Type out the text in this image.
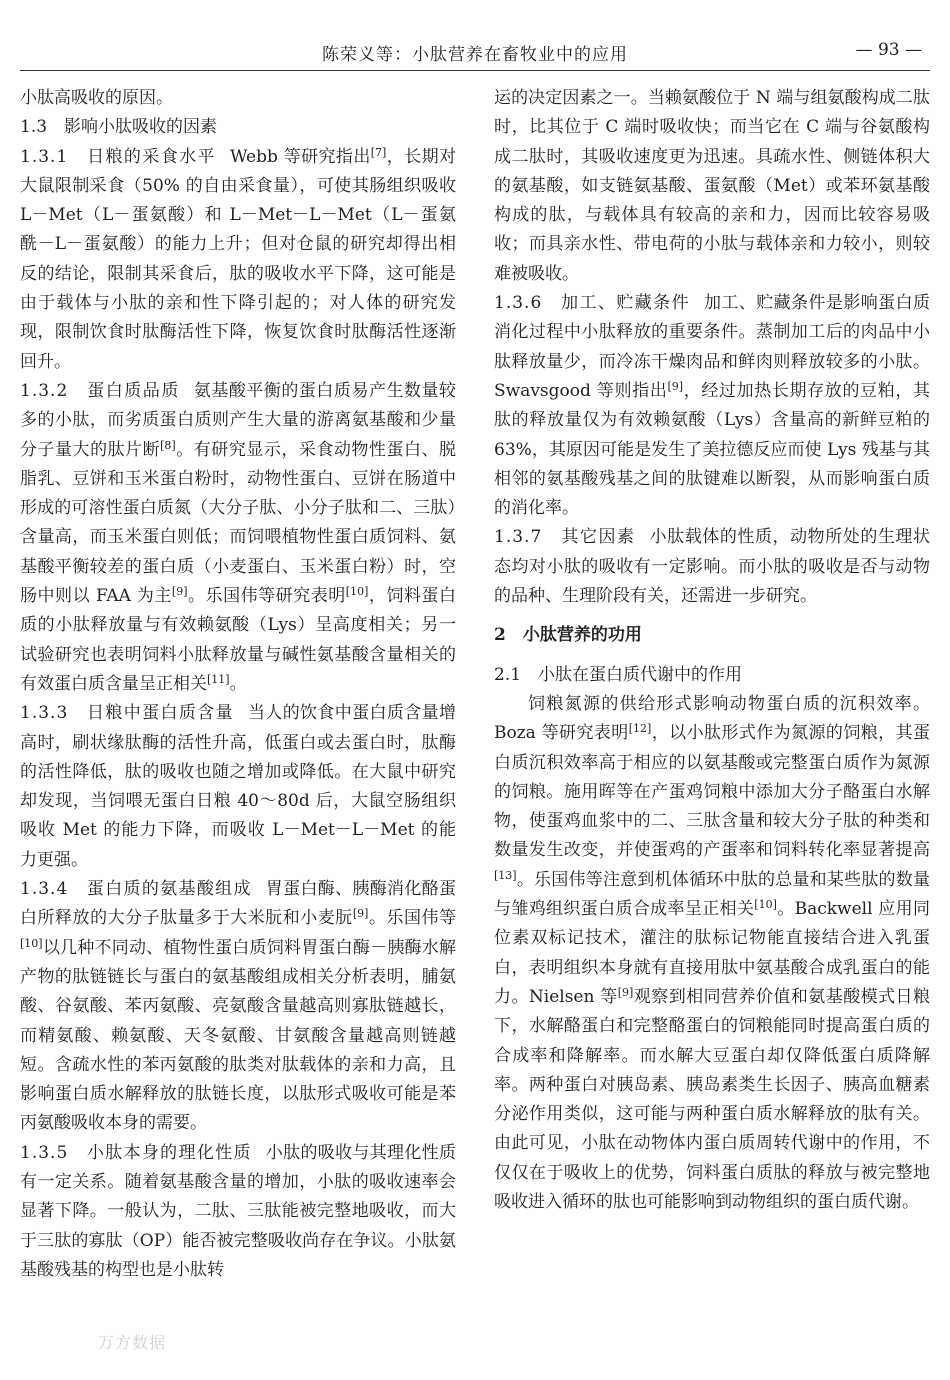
陈荣义等：小肽营养在畜牧业中的应用	— 93 —

小肽高吸收的原因。

1.3　影响小肽吸收的因素

1.3.1　日粮的采食水平 Webb 等研究指出[7]，长期对大鼠限制采食（50% 的自由采食量），可使其肠组织吸收 L－Met（L－蛋氨酸）和 L－Met－L－Met（L－蛋氨酰－L－蛋氨酸）的能力上升；但对仓鼠的研究却得出相反的结论，限制其采食后，肽的吸收水平下降，这可能是由于载体与小肽的亲和性下降引起的；对人体的研究发现，限制饮食时肽酶活性下降，恢复饮食时肽酶活性逐渐回升。

1.3.2　蛋白质品质 氨基酸平衡的蛋白质易产生数量较多的小肽，而劣质蛋白质则产生大量的游离氨基酸和少量分子量大的肽片断[8]。有研究显示，采食动物性蛋白、脱脂乳、豆饼和玉米蛋白粉时，动物性蛋白、豆饼在肠道中形成的可溶性蛋白质氮（大分子肽、小分子肽和二、三肽）含量高，而玉米蛋白则低；而饲喂植物性蛋白质饲料、氨基酸平衡较差的蛋白质（小麦蛋白、玉米蛋白粉）时，空肠中则以 FAA 为主[9]。乐国伟等研究表明[10]，饲料蛋白质的小肽释放量与有效赖氨酸（Lys）呈高度相关；另一试验研究也表明饲料小肽释放量与碱性氨基酸含量相关的有效蛋白质含量呈正相关[11]。

1.3.3　日粮中蛋白质含量 当人的饮食中蛋白质含量增高时，刷状缘肽酶的活性升高，低蛋白或去蛋白时，肽酶的活性降低，肽的吸收也随之增加或降低。在大鼠中研究却发现，当饲喂无蛋白日粮 40～80d 后，大鼠空肠组织吸收 Met 的能力下降，而吸收 L－Met－L－Met 的能力更强。

1.3.4　蛋白质的氨基酸组成 胃蛋白酶、胰酶消化酪蛋白所释放的大分子肽量多于大米朊和小麦朊[9]。乐国伟等[10]以几种不同动、植物性蛋白质饲料胃蛋白酶－胰酶水解产物的肽链链长与蛋白的氨基酸组成相关分析表明，脯氨酸、谷氨酸、苯丙氨酸、亮氨酸含量越高则寡肽链越长，而精氨酸、赖氨酸、天冬氨酸、甘氨酸含量越高则链越短。含疏水性的苯丙氨酸的肽类对肽载体的亲和力高，且影响蛋白质水解释放的肽链长度，以肽形式吸收可能是苯丙氨酸吸收本身的需要。

1.3.5　小肽本身的理化性质 小肽的吸收与其理化性质有一定关系。随着氨基酸含量的增加，小肽的吸收速率会显著下降。一般认为，二肽、三肽能被完整地吸收，而大于三肽的寡肽（OP）能否被完整吸收尚存在争议。小肽氨基酸残基的构型也是小肽转

运的决定因素之一。当赖氨酸位于 N 端与组氨酸构成二肽时，比其位于 C 端时吸收快；而当它在 C 端与谷氨酸构成二肽时，其吸收速度更为迅速。具疏水性、侧链体积大的氨基酸，如支链氨基酸、蛋氨酸（Met）或苯环氨基酸构成的肽，与载体具有较高的亲和力，因而比较容易吸收；而具亲水性、带电荷的小肽与载体亲和力较小，则较难被吸收。

1.3.6　加工、贮藏条件 加工、贮藏条件是影响蛋白质消化过程中小肽释放的重要条件。蒸制加工后的肉品中小肽释放量少，而冷冻干燥肉品和鲜肉则释放较多的小肽。Swavsgood 等则指出[9]，经过加热长期存放的豆粕，其肽的释放量仅为有效赖氨酸（Lys）含量高的新鲜豆粕的 63%，其原因可能是发生了美拉德反应而使 Lys 残基与其相邻的氨基酸残基之间的肽键难以断裂，从而影响蛋白质的消化率。

1.3.7　其它因素 小肽载体的性质，动物所处的生理状态均对小肽的吸收有一定影响。而小肽的吸收是否与动物的品种、生理阶段有关，还需进一步研究。

2　小肽营养的功用

2.1　小肽在蛋白质代谢中的作用

饲粮氮源的供给形式影响动物蛋白质的沉积效率。Boza 等研究表明[12]，以小肽形式作为氮源的饲粮，其蛋白质沉积效率高于相应的以氨基酸或完整蛋白质作为氮源的饲粮。施用晖等在产蛋鸡饲粮中添加大分子酪蛋白水解物，使蛋鸡血浆中的二、三肽含量和较大分子肽的种类和数量发生改变，并使蛋鸡的产蛋率和饲料转化率显著提高[13]。乐国伟等注意到机体循环中肽的总量和某些肽的数量与雏鸡组织蛋白质合成率呈正相关[10]。Backwell 应用同位素双标记技术，灌注的肽标记物能直接结合进入乳蛋白，表明组织本身就有直接用肽中氨基酸合成乳蛋白的能力。Nielsen 等[9]观察到相同营养价值和氨基酸模式日粮下，水解酪蛋白和完整酪蛋白的饲粮能同时提高蛋白质的合成率和降解率。而水解大豆蛋白却仅降低蛋白质降解率。两种蛋白对胰岛素、胰岛素类生长因子、胰高血糖素分泌作用类似，这可能与两种蛋白质水解释放的肽有关。由此可见，小肽在动物体内蛋白质周转代谢中的作用，不仅仅在于吸收上的优势，饲料蛋白质肽的释放与被完整地吸收进入循环的肽也可能影响到动物组织的蛋白质代谢。

万方数据
